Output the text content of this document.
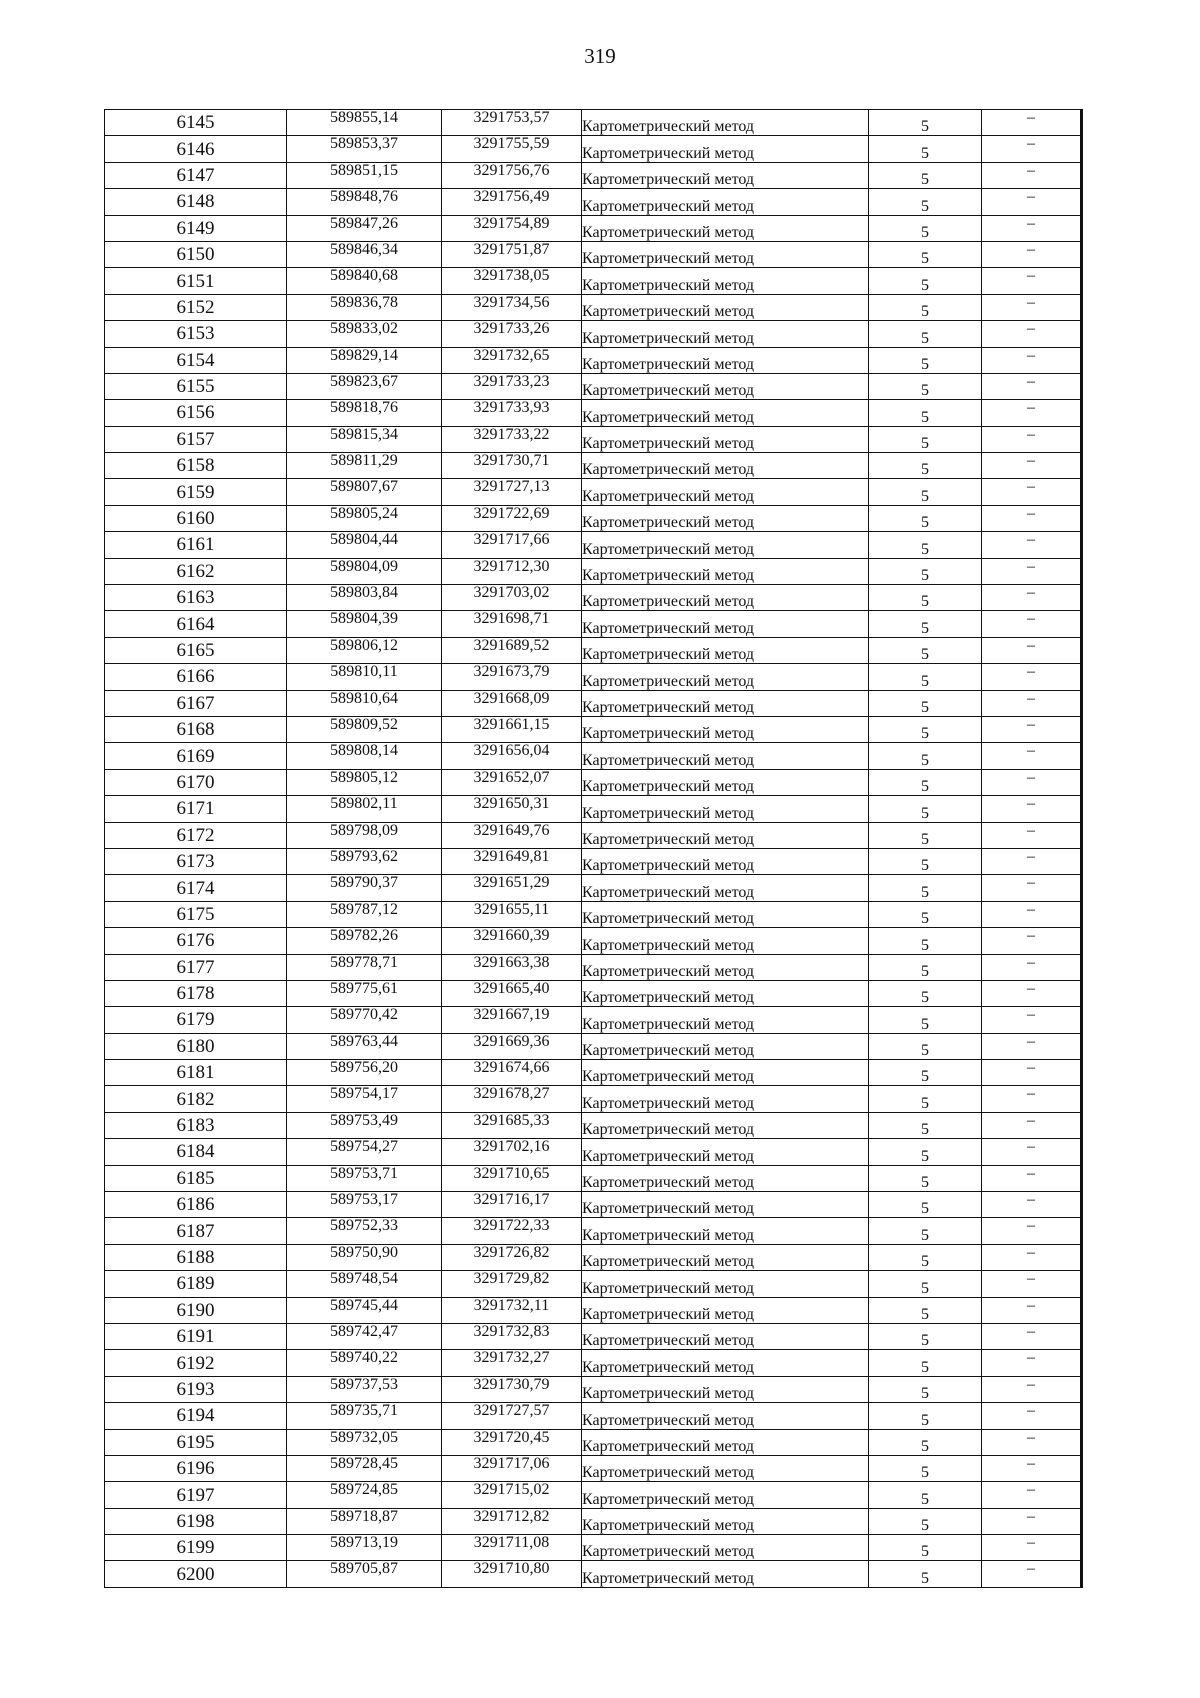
319
6145	589855,14	3291753,57	Картометрический метод	5	–
6146	589853,37	3291755,59	Картометрический метод	5	–
6147	589851,15	3291756,76	Картометрический метод	5	–
6148	589848,76	3291756,49	Картометрический метод	5	–
6149	589847,26	3291754,89	Картометрический метод	5	–
6150	589846,34	3291751,87	Картометрический метод	5	–
6151	589840,68	3291738,05	Картометрический метод	5	–
6152	589836,78	3291734,56	Картометрический метод	5	–
6153	589833,02	3291733,26	Картометрический метод	5	–
6154	589829,14	3291732,65	Картометрический метод	5	–
6155	589823,67	3291733,23	Картометрический метод	5	–
6156	589818,76	3291733,93	Картометрический метод	5	–
6157	589815,34	3291733,22	Картометрический метод	5	–
6158	589811,29	3291730,71	Картометрический метод	5	–
6159	589807,67	3291727,13	Картометрический метод	5	–
6160	589805,24	3291722,69	Картометрический метод	5	–
6161	589804,44	3291717,66	Картометрический метод	5	–
6162	589804,09	3291712,30	Картометрический метод	5	–
6163	589803,84	3291703,02	Картометрический метод	5	–
6164	589804,39	3291698,71	Картометрический метод	5	–
6165	589806,12	3291689,52	Картометрический метод	5	–
6166	589810,11	3291673,79	Картометрический метод	5	–
6167	589810,64	3291668,09	Картометрический метод	5	–
6168	589809,52	3291661,15	Картометрический метод	5	–
6169	589808,14	3291656,04	Картометрический метод	5	–
6170	589805,12	3291652,07	Картометрический метод	5	–
6171	589802,11	3291650,31	Картометрический метод	5	–
6172	589798,09	3291649,76	Картометрический метод	5	–
6173	589793,62	3291649,81	Картометрический метод	5	–
6174	589790,37	3291651,29	Картометрический метод	5	–
6175	589787,12	3291655,11	Картометрический метод	5	–
6176	589782,26	3291660,39	Картометрический метод	5	–
6177	589778,71	3291663,38	Картометрический метод	5	–
6178	589775,61	3291665,40	Картометрический метод	5	–
6179	589770,42	3291667,19	Картометрический метод	5	–
6180	589763,44	3291669,36	Картометрический метод	5	–
6181	589756,20	3291674,66	Картометрический метод	5	–
6182	589754,17	3291678,27	Картометрический метод	5	–
6183	589753,49	3291685,33	Картометрический метод	5	–
6184	589754,27	3291702,16	Картометрический метод	5	–
6185	589753,71	3291710,65	Картометрический метод	5	–
6186	589753,17	3291716,17	Картометрический метод	5	–
6187	589752,33	3291722,33	Картометрический метод	5	–
6188	589750,90	3291726,82	Картометрический метод	5	–
6189	589748,54	3291729,82	Картометрический метод	5	–
6190	589745,44	3291732,11	Картометрический метод	5	–
6191	589742,47	3291732,83	Картометрический метод	5	–
6192	589740,22	3291732,27	Картометрический метод	5	–
6193	589737,53	3291730,79	Картометрический метод	5	–
6194	589735,71	3291727,57	Картометрический метод	5	–
6195	589732,05	3291720,45	Картометрический метод	5	–
6196	589728,45	3291717,06	Картометрический метод	5	–
6197	589724,85	3291715,02	Картометрический метод	5	–
6198	589718,87	3291712,82	Картометрический метод	5	–
6199	589713,19	3291711,08	Картометрический метод	5	–
6200	589705,87	3291710,80	Картометрический метод	5	–
